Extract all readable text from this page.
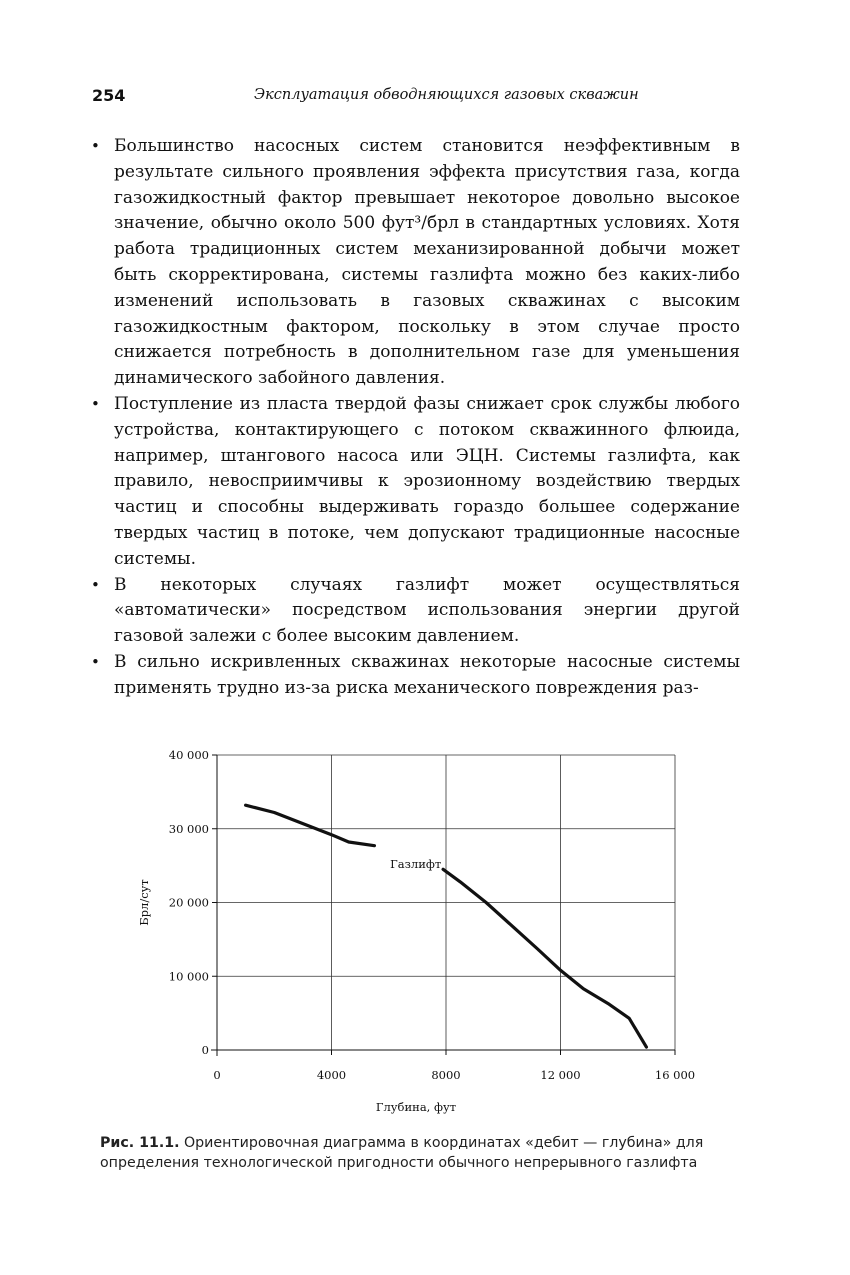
254	Эксплуатация обводняющихся газовых скважин
• Большинство насосных систем становится неэффективным в результате сильного проявления эффекта присутствия газа, когда газожидкостный фактор превышает некоторое довольно высокое значение, обычно около 500 фут³/брл в стандартных условиях. Хотя работа традиционных систем механизированной добычи может быть скорректирована, системы газлифта можно без каких-либо изменений использовать в газовых скважинах с высоким газожидкостным фактором, поскольку в этом случае просто снижается потребность в дополнительном газе для уменьшения динамического забойного давления.
• Поступление из пласта твердой фазы снижает срок службы любого устройства, контактирующего с потоком скважинного флюида, например, штангового насоса или ЭЦН. Системы газлифта, как правило, невосприимчивы к эрозионному воздействию твердых частиц и способны выдерживать гораздо большее содержание твердых частиц в потоке, чем допускают традиционные насосные системы.
• В некоторых случаях газлифт может осуществляться «автоматически» посредством использования энергии другой газовой залежи с более высоким давлением.
• В сильно искривленных скважинах некоторые насосные системы применять трудно из-за риска механического повреждения раз-
0
10 000
20 000
30 000
40 000
0	4000	8000	12 000	16 000
Глубина, фут
Брл/сут
Газлифт
Рис. 11.1. Ориентировочная диаграмма в координатах «дебит — глубина» для определения технологической пригодности обычного непрерывного газлифта
